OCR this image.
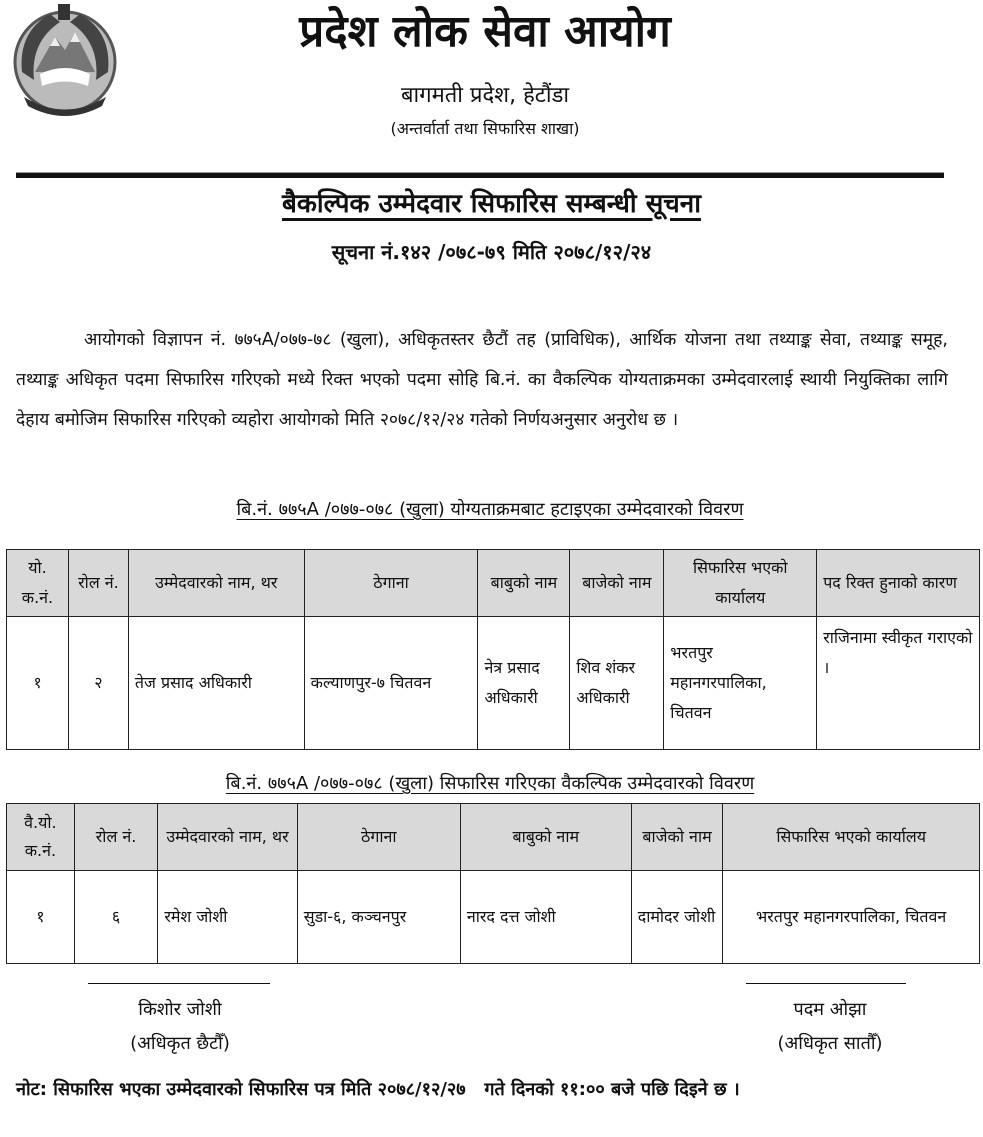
प्रदेश लोक सेवा आयोग
बागमती प्रदेश, हेटौंडा
(अन्तर्वार्ता तथा सिफारिस शाखा)
बैकल्पिक उम्मेदवार सिफारिस सम्बन्धी सूचना
सूचना नं.१४२ /०७८-७९ मिति २०७८/१२/२४
आयोगको विज्ञापन नं. ७७५A/०७७-७८ (खुला), अधिकृतस्तर छैटौं तह (प्राविधिक), आर्थिक योजना तथा तथ्याङ्क सेवा, तथ्याङ्क समूह, तथ्याङ्क अधिकृत पदमा सिफारिस गरिएको मध्ये रिक्त भएको पदमा सोहि बि.नं. का वैकल्पिक योग्यताक्रमका उम्मेदवारलाई स्थायी नियुक्तिका लागि देहाय बमोजिम सिफारिस गरिएको व्यहोरा आयोगको मिति २०७८/१२/२४ गतेको निर्णयअनुसार अनुरोध छ ।
बि.नं. ७७५A /०७७-०७८ (खुला) योग्यताक्रमबाट हटाइएका उम्मेदवारको विवरण
यो. क.नं.	रोल नं.	उम्मेदवारको नाम, थर	ठेगाना	बाबुको नाम	बाजेको नाम	सिफारिस भएको कार्यालय	पद रिक्त हुनाको कारण
१	२	तेज प्रसाद अधिकारी	कल्याणपुर-७ चितवन	नेत्र प्रसाद अधिकारी	शिव शंकर अधिकारी	भरतपुर महानगरपालिका, चितवन	राजिनामा स्वीकृत गराएको ।
बि.नं. ७७५A /०७७-०७८ (खुला) सिफारिस गरिएका वैकल्पिक उम्मेदवारको विवरण
वै.यो. क.नं.	रोल नं.	उम्मेदवारको नाम, थर	ठेगाना	बाबुको नाम	बाजेको नाम	सिफारिस भएको कार्यालय
१	६	रमेश जोशी	सुडा-६, कञ्चनपुर	नारद दत्त जोशी	दामोदर जोशी	भरतपुर महानगरपालिका, चितवन
किशोर जोशी
(अधिकृत छैटौँ)
पदम ओझा
(अधिकृत सातौँ)
नोट: सिफारिस भएका उम्मेदवारको सिफारिस पत्र मिति २०७८/१२/२७   गते दिनको ११:०० बजे पछि दिइने छ ।
